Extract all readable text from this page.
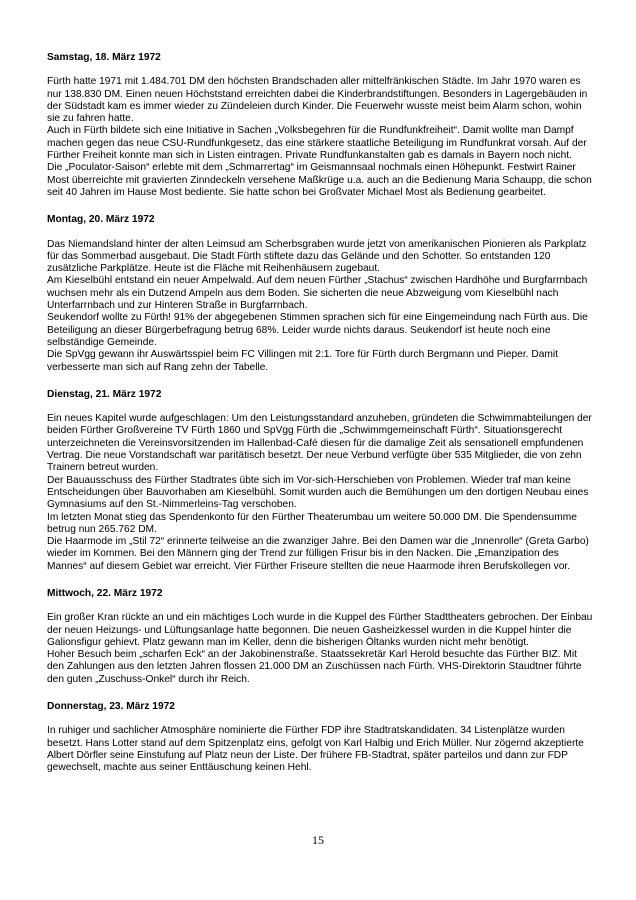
Samstag, 18. März 1972

Fürth hatte 1971 mit 1.484.701 DM den höchsten Brandschaden aller mittelfränkischen Städte. Im Jahr 1970 waren es nur 138.830 DM. Einen neuen Höchststand erreichten dabei die Kinderbrandstiftungen. Besonders in Lagergebäuden in der Südstadt kam es immer wieder zu Zündeleien durch Kinder. Die Feuerwehr wusste meist beim Alarm schon, wohin sie zu fahren hatte.

Auch in Fürth bildete sich eine Initiative in Sachen „Volksbegehren für die Rundfunkfreiheit“. Damit wollte man Dampf machen gegen das neue CSU-Rundfunkgesetz, das eine stärkere staatliche Beteiligung im Rundfunkrat vorsah. Auf der Fürther Freiheit konnte man sich in Listen eintragen. Private Rundfunkanstalten gab es damals in Bayern noch nicht.

Die „Poculator-Saison“ erlebte mit dem „Schmarrertag“ im Geismannsaal nochmals einen Höhepunkt. Festwirt Rainer Most überreichte mit gravierten Zinndeckeln versehene Maßkrüge u.a. auch an die Bedienung Maria Schaupp, die schon seit 40 Jahren im Hause Most bediente. Sie hatte schon bei Großvater Michael Most als Bedienung gearbeitet.

Montag, 20. März 1972

Das Niemandsland hinter der alten Leimsud am Scherbsgraben wurde jetzt von amerikanischen Pionieren als Parkplatz für das Sommerbad ausgebaut. Die Stadt Fürth stiftete dazu das Gelände und den Schotter. So entstanden 120 zusätzliche Parkplätze. Heute ist die Fläche mit Reihenhäusern zugebaut.

Am Kieselbühl entstand ein neuer Ampelwald. Auf dem neuen Fürther „Stachus“ zwischen Hardhöhe und Burgfarrnbach wuchsen mehr als ein Dutzend Ampeln aus dem Boden. Sie sicherten die neue Abzweigung vom Kieselbühl nach Unterfarrnbach und zur Hinteren Straße in Burgfarrnbach.

Seukendorf wollte zu Fürth! 91% der abgegebenen Stimmen sprachen sich für eine Eingemeindung nach Fürth aus. Die Beteiligung an dieser Bürgerbefragung betrug 68%. Leider wurde nichts daraus. Seukendorf ist heute noch eine selbständige Gemeinde.

Die SpVgg gewann ihr Auswärtsspiel beim FC Villingen mit 2:1. Tore für Fürth durch Bergmann und Pieper. Damit verbesserte man sich auf Rang zehn der Tabelle.

Dienstag, 21. März 1972

Ein neues Kapitel wurde aufgeschlagen: Um den Leistungsstandard anzuheben, gründeten die Schwimmabteilungen der beiden Fürther Großvereine TV Fürth 1860 und SpVgg Fürth die „Schwimmgemeinschaft Fürth“. Situationsgerecht unterzeichneten die Vereinsvorsitzenden im Hallenbad-Café diesen für die damalige Zeit als sensationell empfundenen Vertrag. Die neue Vorstandschaft war paritätisch besetzt. Der neue Verbund verfügte über 535 Mitglieder, die von zehn Trainern betreut wurden.

Der Bauausschuss des Fürther Stadtrates übte sich im Vor-sich-Herschieben von Problemen. Wieder traf man keine Entscheidungen über Bauvorhaben am Kieselbühl. Somit wurden auch die Bemühungen um den dortigen Neubau eines Gymnasiums auf den St.-Nimmerleins-Tag verschoben.

Im letzten Monat stieg das Spendenkonto für den Fürther Theaterumbau um weitere 50.000 DM. Die Spendensumme betrug nun 265.762 DM.

Die Haarmode im „Stil 72“ erinnerte teilweise an die zwanziger Jahre. Bei den Damen war die „Innenrolle“ (Greta Garbo) wieder im Kommen. Bei den Männern ging der Trend zur fülligen Frisur bis in den Nacken. Die „Emanzipation des Mannes“ auf diesem Gebiet war erreicht. Vier Fürther Friseure stellten die neue Haarmode ihren Berufskollegen vor.

Mittwoch, 22. März 1972

Ein großer Kran rückte an und ein mächtiges Loch wurde in die Kuppel des Fürther Stadttheaters gebrochen. Der Einbau der neuen Heizungs- und Lüftungsanlage hatte begonnen. Die neuen Gasheizkessel wurden in die Kuppel hinter die Galionsfigur gehievt. Platz gewann man im Keller, denn die bisherigen Öltanks wurden nicht mehr benötigt.

Hoher Besuch beim „scharfen Eck“ an der Jakobinenstraße. Staatssekretär Karl Herold besuchte das Fürther BIZ. Mit den Zahlungen aus den letzten Jahren flossen 21.000 DM an Zuschüssen nach Fürth. VHS-Direktorin Staudtner führte den guten „Zuschuss-Onkel“ durch ihr Reich.

Donnerstag, 23. März 1972

In ruhiger und sachlicher Atmosphäre nominierte die Fürther FDP ihre Stadtratskandidaten. 34 Listenplätze wurden besetzt. Hans Lotter stand auf dem Spitzenplatz eins, gefolgt von Karl Halbig und Erich Müller. Nur zögernd akzeptierte Albert Dörfler seine Einstufung auf Platz neun der Liste. Der frühere FB-Stadtrat, später parteilos und dann zur FDP gewechselt, machte aus seiner Enttäuschung keinen Hehl.

15
